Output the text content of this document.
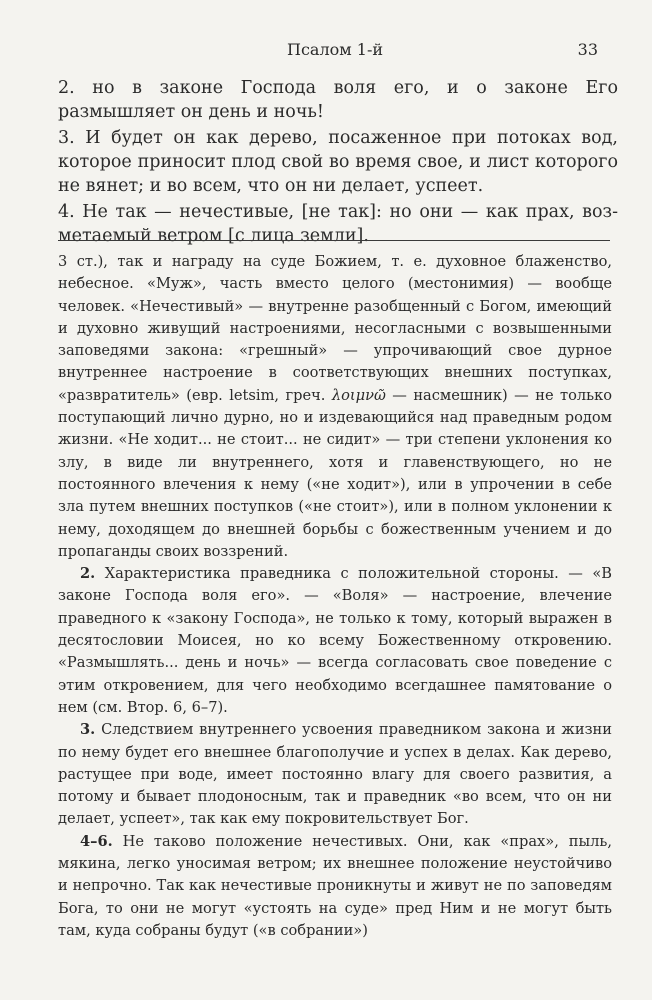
Псалом 1-й	33

2. но в законе Господа воля его, и о законе Его размышляет он день и ночь!

3. И будет он как дерево, посаженное при потоках вод, которое приносит плод свой во время свое, и лист которого не вянет; и во всем, что он ни делает, успеет.

4. Не так — нечестивые, [не так]: но они — как прах, возметаемый ветром [с лица земли].

3 ст.), так и награду на суде Божием, т. е. духовное блаженство, небесное. «Муж», часть вместо целого (местонимия) — вообще человек. «Нечестивый» — внутренне разобщенный с Богом, имеющий и духовно живущий настроениями, несогласными с возвышенными заповедями закона: «грешный» — упрочивающий свое дурное внутреннее настроение в соответствующих внешних поступках, «развратитель» (евр. letsim, греч. λοιμνῶ — насмешник) — не только поступающий лично дурно, но и издевающийся над праведным родом жизни. «Не ходит... не стоит... не сидит» — три степени уклонения ко злу, в виде ли внутреннего, хотя и главенствующего, но не постоянного влечения к нему («не ходит»), или в упрочении в себе зла путем внешних поступков («не стоит»), или в полном уклонении к нему, доходящем до внешней борьбы с божественным учением и до пропаганды своих воззрений.

2. Характеристика праведника с положительной стороны. — «В законе Господа воля его». — «Воля» — настроение, влечение праведного к «закону Господа», не только к тому, который выражен в десятословии Моисея, но ко всему Божественному откровению. «Размышлять... день и ночь» — всегда согласовать свое поведение с этим откровением, для чего необходимо всегдашнее памятование о нем (см. Втор. 6, 6–7).

3. Следствием внутреннего усвоения праведником закона и жизни по нему будет его внешнее благополучие и успех в делах. Как дерево, растущее при воде, имеет постоянно влагу для своего развития, а потому и бывает плодоносным, так и праведник «во всем, что он ни делает, успеет», так как ему покровительствует Бог.

4–6. Не таково положение нечестивых. Они, как «прах», пыль, мякина, легко уносимая ветром; их внешнее положение неустойчиво и непрочно. Так как нечестивые проникнуты и живут не по заповедям Бога, то они не могут «устоять на суде» пред Ним и не могут быть там, куда собраны будут («в собрании»)
